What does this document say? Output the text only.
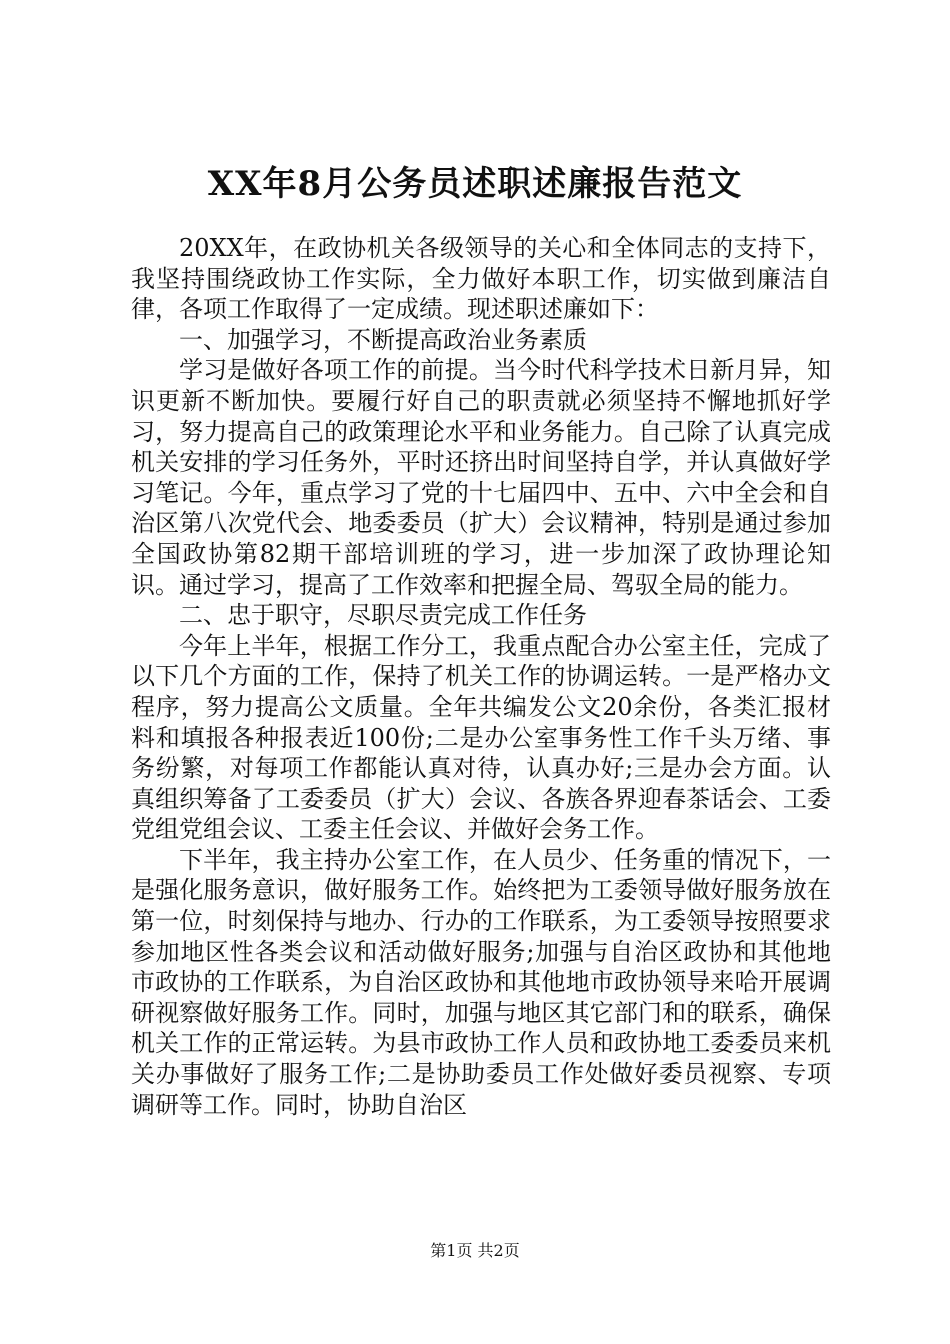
XX年8月公务员述职述廉报告范文

20XX年，在政协机关各级领导的关心和全体同志的支持下，我坚持围绕政协工作实际，全力做好本职工作，切实做到廉洁自律，各项工作取得了一定成绩。现述职述廉如下：

一、加强学习，不断提高政治业务素质

学习是做好各项工作的前提。当今时代科学技术日新月异，知识更新不断加快。要履行好自己的职责就必须坚持不懈地抓好学习，努力提高自己的政策理论水平和业务能力。自己除了认真完成机关安排的学习任务外，平时还挤出时间坚持自学，并认真做好学习笔记。今年，重点学习了党的十七届四中、五中、六中全会和自治区第八次党代会、地委委员（扩大）会议精神，特别是通过参加全国政协第82期干部培训班的学习，进一步加深了政协理论知识。通过学习，提高了工作效率和把握全局、驾驭全局的能力。

二、忠于职守，尽职尽责完成工作任务

今年上半年，根据工作分工，我重点配合办公室主任，完成了以下几个方面的工作，保持了机关工作的协调运转。一是严格办文程序，努力提高公文质量。全年共编发公文20余份，各类汇报材料和填报各种报表近100份;二是办公室事务性工作千头万绪、事务纷繁，对每项工作都能认真对待，认真办好;三是办会方面。认真组织筹备了工委委员（扩大）会议、各族各界迎春茶话会、工委党组党组会议、工委主任会议、并做好会务工作。

下半年，我主持办公室工作，在人员少、任务重的情况下，一是强化服务意识，做好服务工作。始终把为工委领导做好服务放在第一位，时刻保持与地办、行办的工作联系，为工委领导按照要求参加地区性各类会议和活动做好服务;加强与自治区政协和其他地市政协的工作联系，为自治区政协和其他地市政协领导来哈开展调研视察做好服务工作。同时，加强与地区其它部门和的联系，确保机关工作的正常运转。为县市政协工作人员和政协地工委委员来机关办事做好了服务工作;二是协助委员工作处做好委员视察、专项调研等工作。同时，协助自治区

第1页 共2页
